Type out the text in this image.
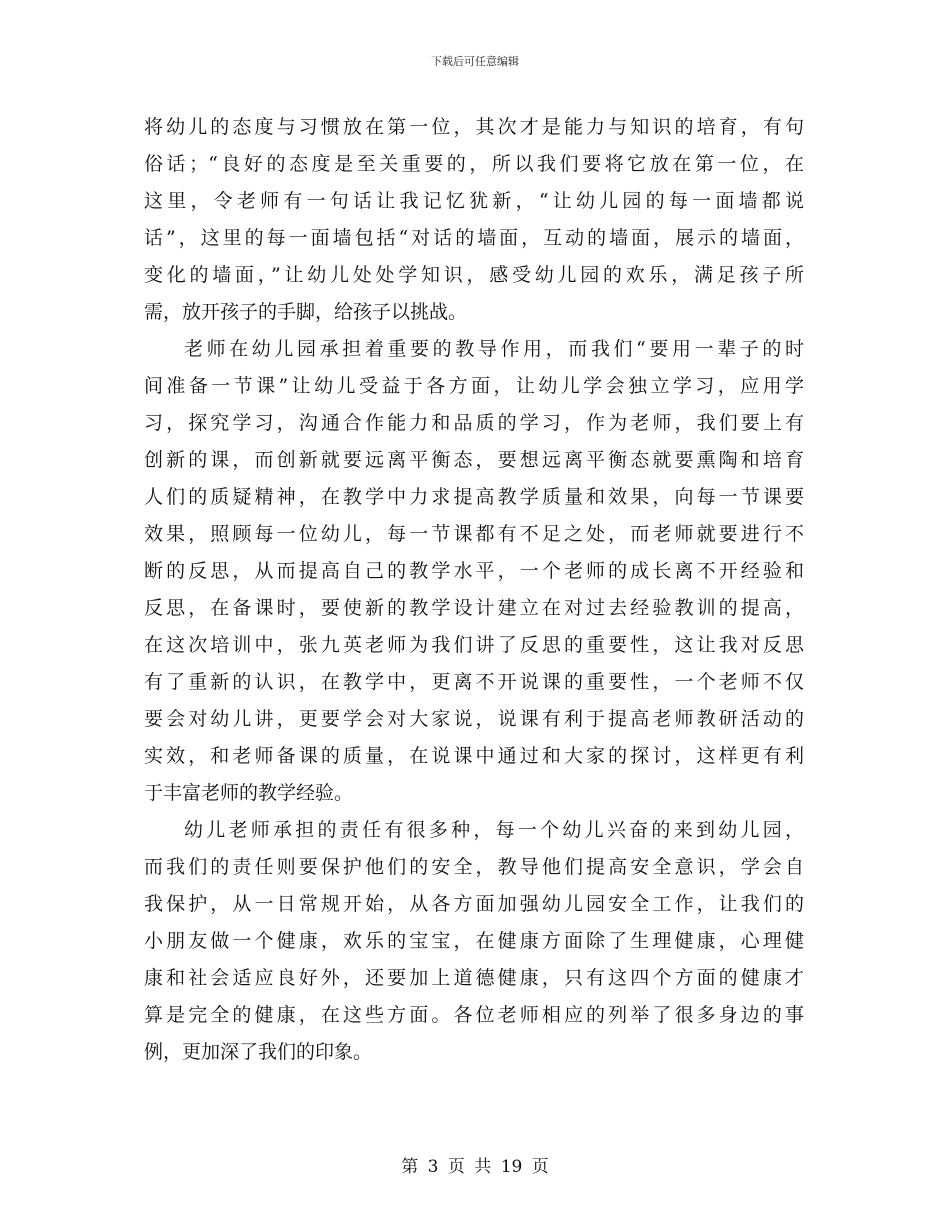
下载后可任意编辑
将幼儿的态度与习惯放在第一位，其次才是能力与知识的培育，有句
俗话；“良好的态度是至关重要的，所以我们要将它放在第一位，在
这里，令老师有一句话让我记忆犹新，“让幼儿园的每一面墙都说
话”，这里的每一面墙包括“对话的墙面，互动的墙面，展示的墙面，
变化的墙面，”让幼儿处处学知识，感受幼儿园的欢乐，满足孩子所
需，放开孩子的手脚，给孩子以挑战。
老师在幼儿园承担着重要的教导作用，而我们“要用一辈子的时
间准备一节课”让幼儿受益于各方面，让幼儿学会独立学习，应用学
习，探究学习，沟通合作能力和品质的学习，作为老师，我们要上有
创新的课，而创新就要远离平衡态，要想远离平衡态就要熏陶和培育
人们的质疑精神，在教学中力求提高教学质量和效果，向每一节课要
效果，照顾每一位幼儿，每一节课都有不足之处，而老师就要进行不
断的反思，从而提高自己的教学水平，一个老师的成长离不开经验和
反思，在备课时，要使新的教学设计建立在对过去经验教训的提高，
在这次培训中，张九英老师为我们讲了反思的重要性，这让我对反思
有了重新的认识，在教学中，更离不开说课的重要性，一个老师不仅
要会对幼儿讲，更要学会对大家说，说课有利于提高老师教研活动的
实效，和老师备课的质量，在说课中通过和大家的探讨，这样更有利
于丰富老师的教学经验。
幼儿老师承担的责任有很多种，每一个幼儿兴奋的来到幼儿园，
而我们的责任则要保护他们的安全，教导他们提高安全意识，学会自
我保护，从一日常规开始，从各方面加强幼儿园安全工作，让我们的
小朋友做一个健康，欢乐的宝宝，在健康方面除了生理健康，心理健
康和社会适应良好外，还要加上道德健康，只有这四个方面的健康才
算是完全的健康，在这些方面。各位老师相应的列举了很多身边的事
例，更加深了我们的印象。
第 3 页 共 19 页
